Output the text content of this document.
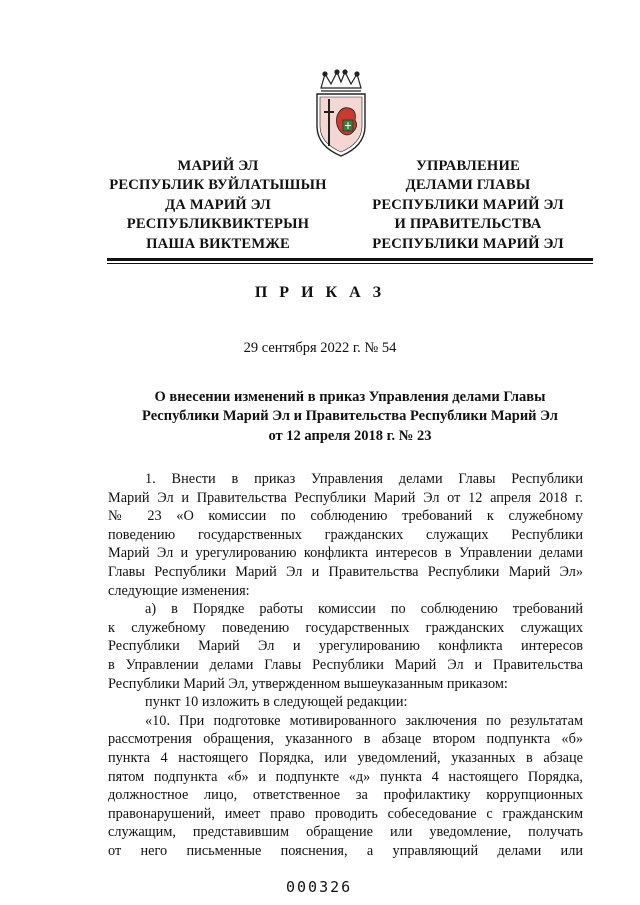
МАРИЙ ЭЛ
РЕСПУБЛИК ВУЙЛАТЫШЫН
ДА МАРИЙ ЭЛ
РЕСПУБЛИКВИКТЕРЫН
ПАША ВИКТЕМЖЕ
УПРАВЛЕНИЕ
ДЕЛАМИ ГЛАВЫ
РЕСПУБЛИКИ МАРИЙ ЭЛ
И ПРАВИТЕЛЬСТВА
РЕСПУБЛИКИ МАРИЙ ЭЛ
П Р И К А З
29 сентября 2022 г. № 54
О внесении изменений в приказ Управления делами Главы
Республики Марий Эл и Правительства Республики Марий Эл
от 12 апреля 2018 г. № 23
1. Внести в приказ Управления делами Главы Республики
Марий Эл и Правительства Республики Марий Эл от 12 апреля 2018 г.
№ 23 «О комиссии по соблюдению требований к служебному
поведению государственных гражданских служащих Республики
Марий Эл и урегулированию конфликта интересов в Управлении делами
Главы Республики Марий Эл и Правительства Республики Марий Эл»
следующие изменения:
а) в Порядке работы комиссии по соблюдению требований
к служебному поведению государственных гражданских служащих
Республики Марий Эл и урегулированию конфликта интересов
в Управлении делами Главы Республики Марий Эл и Правительства
Республики Марий Эл, утвержденном вышеуказанным приказом:
пункт 10 изложить в следующей редакции:
«10. При подготовке мотивированного заключения по результатам
рассмотрения обращения, указанного в абзаце втором подпункта «б»
пункта 4 настоящего Порядка, или уведомлений, указанных в абзаце
пятом подпункта «б» и подпункте «д» пункта 4 настоящего Порядка,
должностное лицо, ответственное за профилактику коррупционных
правонарушений, имеет право проводить собеседование с гражданским
служащим, представившим обращение или уведомление, получать
от него письменные пояснения, а управляющий делами или
000326
